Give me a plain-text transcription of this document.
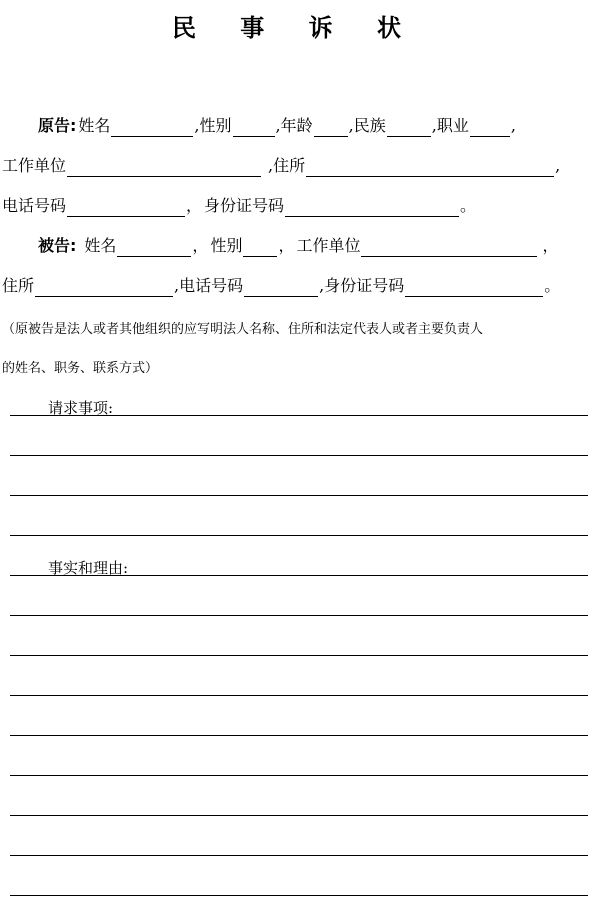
民 事 诉 状
原告: 姓名	, 性别	, 年龄 , 民族	, 职业	,
工作单位	, 住所	,
电话号码	， 身份证号码	。
被告: 姓名	， 性别 ， 工作单位	，
住所	, 电话号码	, 身份证号码	。
（原被告是法人或者其他组织的应写明法人名称、住所和法定代表人或者主要负责人
的姓名、职务、联系方式）
请求事项:
事实和理由:
